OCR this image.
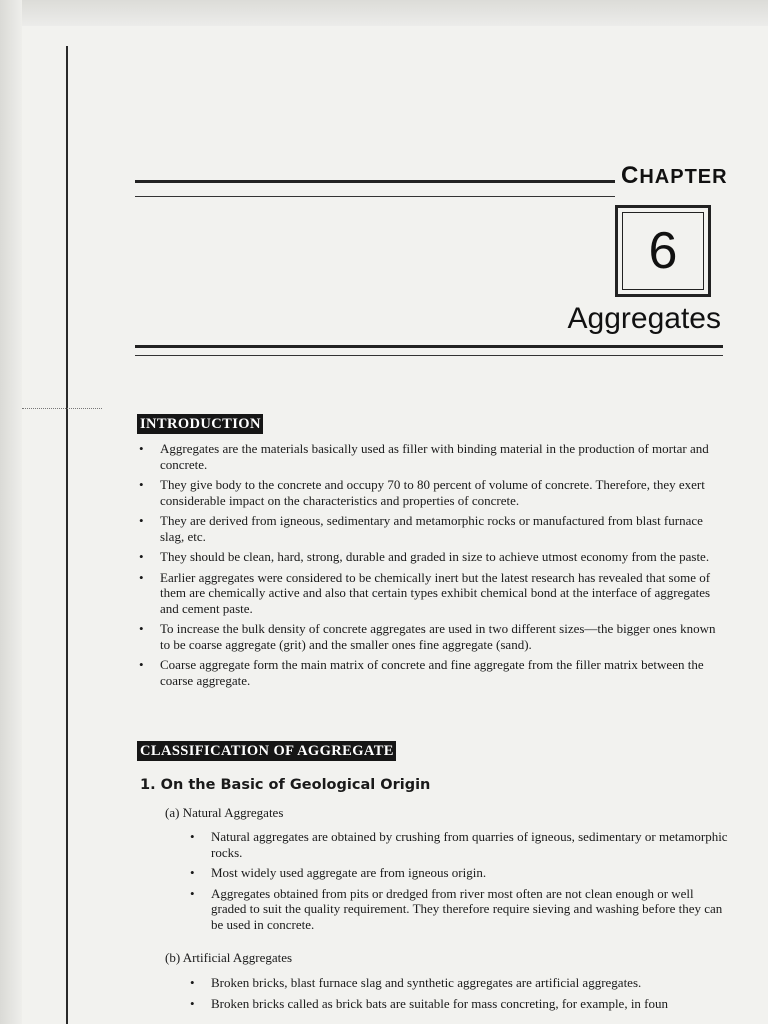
CHAPTER
6
Aggregates
INTRODUCTION
• Aggregates are the materials basically used as filler with binding material in the production of mortar and concrete.
• They give body to the concrete and occupy 70 to 80 percent of volume of concrete. Therefore, they exert considerable impact on the characteristics and properties of concrete.
• They are derived from igneous, sedimentary and metamorphic rocks or manufactured from blast furnace slag, etc.
• They should be clean, hard, strong, durable and graded in size to achieve utmost economy from the paste.
• Earlier aggregates were considered to be chemically inert but the latest research has revealed that some of them are chemically active and also that certain types exhibit chemical bond at the interface of aggregates and cement paste.
• To increase the bulk density of concrete aggregates are used in two different sizes—the bigger ones known to be coarse aggregate (grit) and the smaller ones fine aggregate (sand).
• Coarse aggregate form the main matrix of concrete and fine aggregate from the filler matrix between the coarse aggregate.
CLASSIFICATION OF AGGREGATE
1. On the Basic of Geological Origin
(a) Natural Aggregates
• Natural aggregates are obtained by crushing from quarries of igneous, sedimentary or metamorphic rocks.
• Most widely used aggregate are from igneous origin.
• Aggregates obtained from pits or dredged from river most often are not clean enough or well graded to suit the quality requirement. They therefore require sieving and washing before they can be used in concrete.
(b) Artificial Aggregates
• Broken bricks, blast furnace slag and synthetic aggregates are artificial aggregates.
• Broken bricks called as brick bats are suitable for mass concreting, for example, in foun
